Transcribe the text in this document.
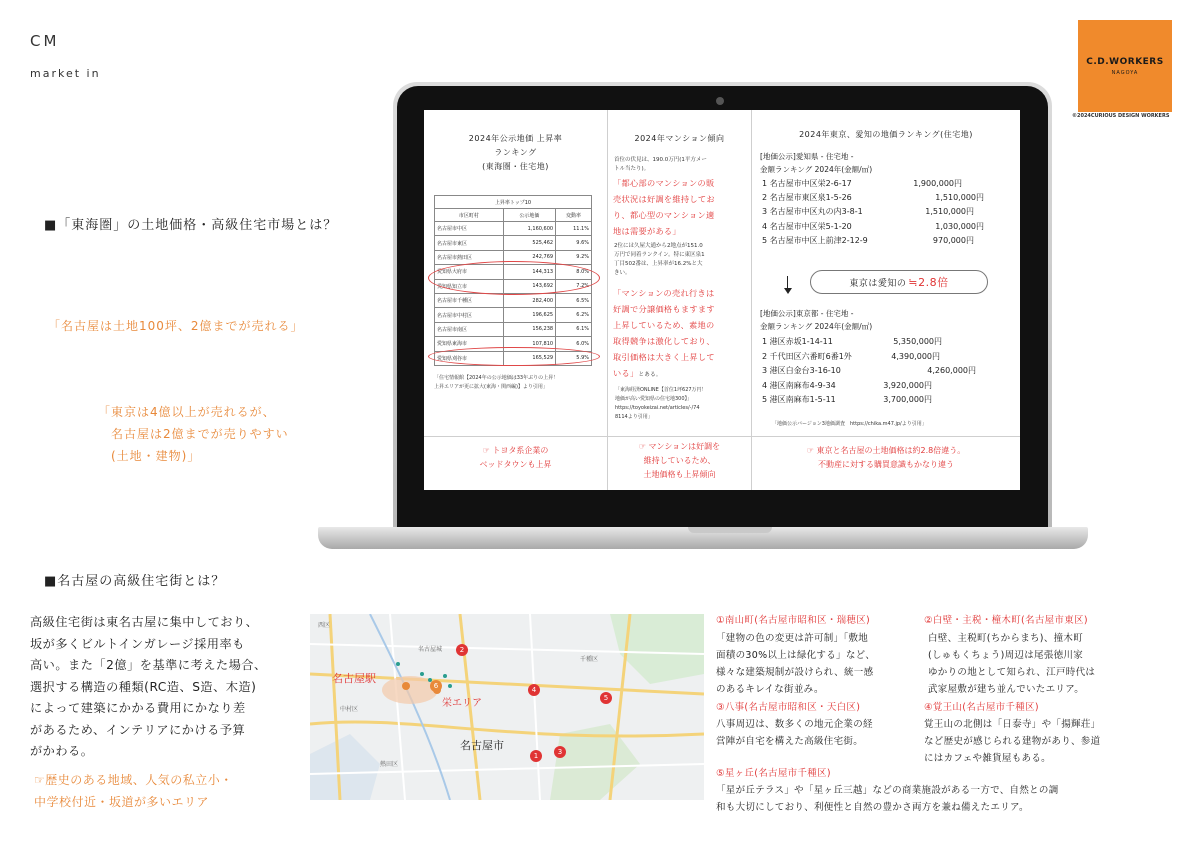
CM
market in
C.D.WORKERS
NAGOYA
©2024CURIOUS DESIGN WORKERS
■「東海圏」の土地価格・高級住宅市場とは？
「名古屋は土地100坪、2億までが売れる」
「東京は4億以上が売れるが、
　名古屋は2億までが売りやすい
　(土地・建物)」
2024年公示地価 上昇率
ランキング
(東海圏・住宅地)
上昇率トップ10		
市区町村	公示地価	変動率
名古屋市中区	1,160,600	11.1%
名古屋市東区	525,462	9.6%
名古屋市熱田区	242,769	9.2%
愛知県大府市	144,313	8.0%
愛知県知立市	143,692	7.2%
名古屋市千種区	282,400	6.5%
名古屋市中村区	196,625	6.2%
名古屋市南区	156,238	6.1%
愛知県東海市	107,810	6.0%
愛知県刈谷市	165,529	5.9%
「住宅情報館【2024年の公示地価は33年ぶりの上昇！
上昇エリアが更に拡大(東海・関西編)】より引用」
☞ トヨタ系企業の
ベッドタウンも上昇
2024年マンション傾向
首位の伏見は、190.0万円(1平方メー
トル当たり)。
「都心部のマンションの販
売状況は好調を維持してお
り、都心型のマンション適
地は需要がある」
2位には久屋大通から2地点が151.0
万円で同着ランクイン。特に東区泉1
丁目502番は、上昇率が16.2%と大
きい。
「マンションの売れ行きは
好調で分譲価格もますます
上昇しているため、素地の
取得競争は激化しており、
取引価格は大きく上昇して
いる」とある。
「東海経済ONLINE【首位1坪627万円！
地価が高い愛知県の住宅地300】」
https://toyokeizai.net/articles/-/74
8114より引用」
☞ マンションは好調を
維持しているため、
土地価格も上昇傾向
2024年東京、愛知の地価ランキング(住宅地)
[地価公示]愛知県 - 住宅地 -
金額ランキング 2024年(金額/㎡)
1 名古屋市中区栄2-6-17	1,900,000円
2 名古屋市東区泉1-5-26	1,510,000円
3 名古屋市中区丸の内3-8-1	1,510,000円
4 名古屋市中区栄5-1-20	1,030,000円
5 名古屋市中区上前津2-12-9	970,000円
東京は愛知の ≒2.8倍
[地価公示]東京都 - 住宅地 -
金額ランキング 2024年(金額/㎡)
1 港区赤坂1-14-11	5,350,000円
2 千代田区六番町6番1外	4,390,000円
3 港区白金台3-16-10	4,260,000円
4 港区南麻布4-9-34	3,920,000円
5 港区南麻布1-5-11	3,700,000円
「地価公示バージョン3地価調査　https://chika.m47.jp/より引用」
☞ 東京と名古屋の土地価格は約2.8倍違う。
不動産に対する購買意識もかなり違う
■名古屋の高級住宅街とは？
高級住宅街は東名古屋に集中しており、
坂が多くビルトインガレージ採用率も
高い。また「2億」を基準に考えた場合、
選択する構造の種類(RC造、S造、木造)
によって建築にかかる費用にかなり差
があるため、インテリアにかける予算
がかわる。
☞歴史のある地域、人気の私立小・
中学校付近・坂道が多いエリア
西区
名古屋城
中村区
千種区
熱田区
名古屋駅
栄エリア
名古屋市
1
2
3
4
5
6
①南山町(名古屋市昭和区・瑞穂区)
「建物の色の変更は許可制」「敷地
面積の30%以上は緑化する」など、
様々な建築規制が設けられ、統一感
のあるキレイな街並み。
②白壁・主税・橦木町(名古屋市東区)
白壁、主税町(ちからまち)、撞木町
(しゅもくちょう)周辺は尾張徳川家
ゆかりの地として知られ、江戸時代は
武家屋敷が建ち並んでいたエリア。
③八事(名古屋市昭和区・天白区)
八事周辺は、数多くの地元企業の経
営陣が自宅を構えた高級住宅街。
④覚王山(名古屋市千種区)
覚王山の北側は「日泰寺」や「揚輝荘」
など歴史が感じられる建物があり、参道
にはカフェや雑貨屋もある。
⑤星ヶ丘(名古屋市千種区)
「星が丘テラス」や「星ヶ丘三越」などの商業施設がある一方で、自然との調
和も大切にしており、利便性と自然の豊かさ両方を兼ね備えたエリア。
